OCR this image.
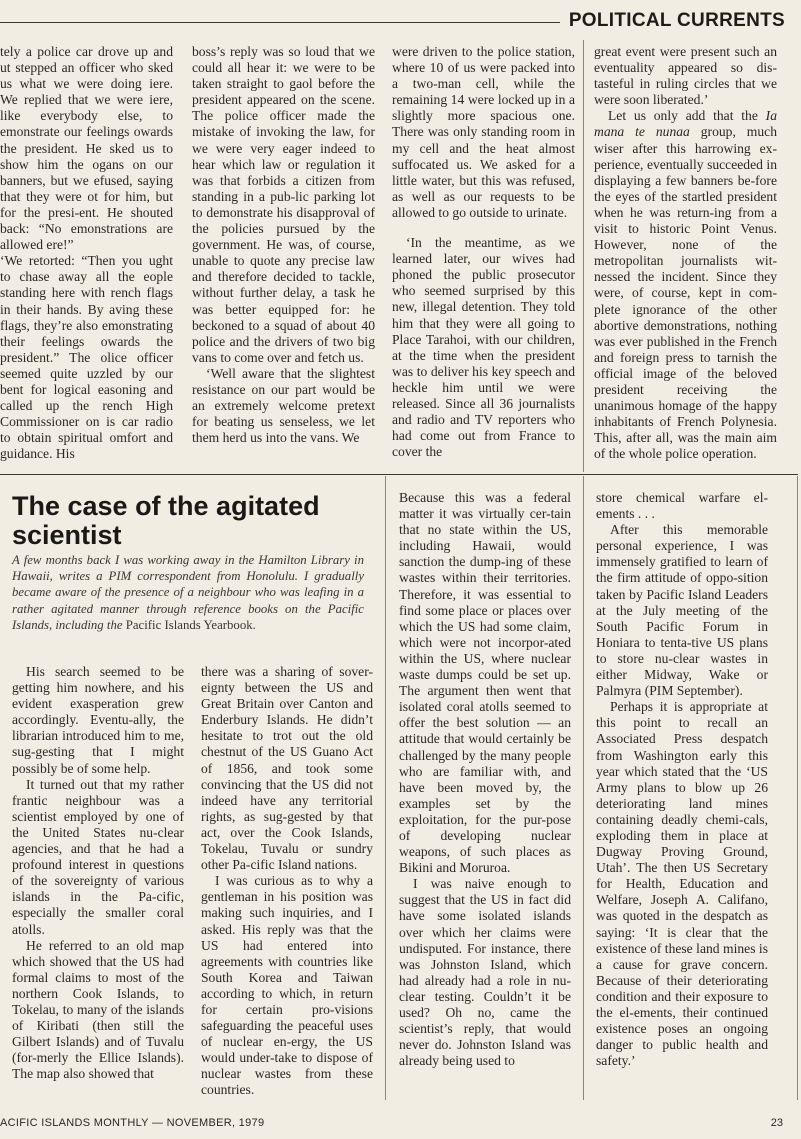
POLITICAL CURRENTS

tely a police car drove up and ut stepped an officer who sked us what we were doing iere. We replied that we were iere, like everybody else, to emonstrate our feelings owards the president. He sked us to show him the ogans on our banners, but we efused, saying that they were ot for him, but for the presi-ent. He shouted back: “No emonstrations are allowed ere!”

‘We retorted: “Then you ught to chase away all the eople standing here with rench flags in their hands. By aving these flags, they’re also emonstrating their feelings owards the president.” The olice officer seemed quite uzzled by our bent for logical easoning and called up the rench High Commissioner on is car radio to obtain spiritual omfort and guidance. His

boss’s reply was so loud that we could all hear it: we were to be taken straight to gaol before the president appeared on the scene. The police officer made the mistake of invoking the law, for we were very eager indeed to hear which law or regulation it was that forbids a citizen from standing in a pub-lic parking lot to demonstrate his disapproval of the policies pursued by the government. He was, of course, unable to quote any precise law and therefore decided to tackle, without further delay, a task he was better equipped for: he beckoned to a squad of about 40 police and the drivers of two big vans to come over and fetch us.

‘Well aware that the slightest resistance on our part would be an extremely welcome pretext for beating us senseless, we let them herd us into the vans. We

were driven to the police station, where 10 of us were packed into a two-man cell, while the remaining 14 were locked up in a slightly more spacious one. There was only standing room in my cell and the heat almost suffocated us. We asked for a little water, but this was refused, as well as our requests to be allowed to go outside to urinate.

‘In the meantime, as we learned later, our wives had phoned the public prosecutor who seemed surprised by this new, illegal detention. They told him that they were all going to Place Tarahoi, with our children, at the time when the president was to deliver his key speech and heckle him until we were released. Since all 36 journalists and radio and TV reporters who had come out from France to cover the

great event were present such an eventuality appeared so dis-tasteful in ruling circles that we were soon liberated.’

Let us only add that the Ia mana te nunaa group, much wiser after this harrowing ex-perience, eventually succeeded in displaying a few banners be-fore the eyes of the startled president when he was return-ing from a visit to historic Point Venus. However, none of the metropolitan journalists wit-nessed the incident. Since they were, of course, kept in com-plete ignorance of the other abortive demonstrations, nothing was ever published in the French and foreign press to tarnish the official image of the beloved president receiving the unanimous homage of the happy inhabitants of French Polynesia. This, after all, was the main aim of the whole police operation.

The case of the agitated scientist

A few months back I was working away in the Hamilton Library in Hawaii, writes a PIM correspondent from Honolulu. I gradually became aware of the presence of a neighbour who was leafing in a rather agitated manner through reference books on the Pacific Islands, including the Pacific Islands Yearbook.

His search seemed to be getting him nowhere, and his evident exasperation grew accordingly. Eventu-ally, the librarian introduced him to me, sug-gesting that I might possibly be of some help.

It turned out that my rather frantic neighbour was a scientist employed by one of the United States nu-clear agencies, and that he had a profound interest in questions of the sovereignty of various islands in the Pa-cific, especially the smaller coral atolls.

He referred to an old map which showed that the US had formal claims to most of the northern Cook Islands, to Tokelau, to many of the islands of Kiribati (then still the Gilbert Islands) and of Tuvalu (for-merly the Ellice Islands). The map also showed that

there was a sharing of sover-eignty between the US and Great Britain over Canton and Enderbury Islands. He didn’t hesitate to trot out the old chestnut of the US Guano Act of 1856, and took some convincing that the US did not indeed have any territorial rights, as sug-gested by that act, over the Cook Islands, Tokelau, Tuvalu or sundry other Pa-cific Island nations.

I was curious as to why a gentleman in his position was making such inquiries, and I asked. His reply was that the US had entered into agreements with countries like South Korea and Taiwan according to which, in return for certain pro-visions safeguarding the peaceful uses of nuclear en-ergy, the US would under-take to dispose of nuclear wastes from these countries.

Because this was a federal matter it was virtually cer-tain that no state within the US, including Hawaii, would sanction the dump-ing of these wastes within their territories. Therefore, it was essential to find some place or places over which the US had some claim, which were not incorpor-ated within the US, where nuclear waste dumps could be set up. The argument then went that isolated coral atolls seemed to offer the best solution — an attitude that would certainly be challenged by the many people who are familiar with, and have been moved by, the examples set by the exploitation, for the pur-pose of developing nuclear weapons, of such places as Bikini and Moruroa.

I was naive enough to suggest that the US in fact did have some isolated islands over which her claims were undisputed. For instance, there was Johnston Island, which had already had a role in nu-clear testing. Couldn’t it be used? Oh no, came the scientist’s reply, that would never do. Johnston Island was already being used to

store chemical warfare el-ements . . .

After this memorable personal experience, I was immensely gratified to learn of the firm attitude of oppo-sition taken by Pacific Island Leaders at the July meeting of the South Pacific Forum in Honiara to tenta-tive US plans to store nu-clear wastes in either Midway, Wake or Palmyra (PIM September).

Perhaps it is appropriate at this point to recall an Associated Press despatch from Washington early this year which stated that the ‘US Army plans to blow up 26 deteriorating land mines containing deadly chemi-cals, exploding them in place at Dugway Proving Ground, Utah’. The then US Secretary for Health, Education and Welfare, Joseph A. Califano, was quoted in the despatch as saying: ‘It is clear that the existence of these land mines is a cause for grave concern. Because of their deteriorating condition and their exposure to the el-ements, their continued existence poses an ongoing danger to public health and safety.’

ACIFIC ISLANDS MONTHLY — NOVEMBER, 1979	23
